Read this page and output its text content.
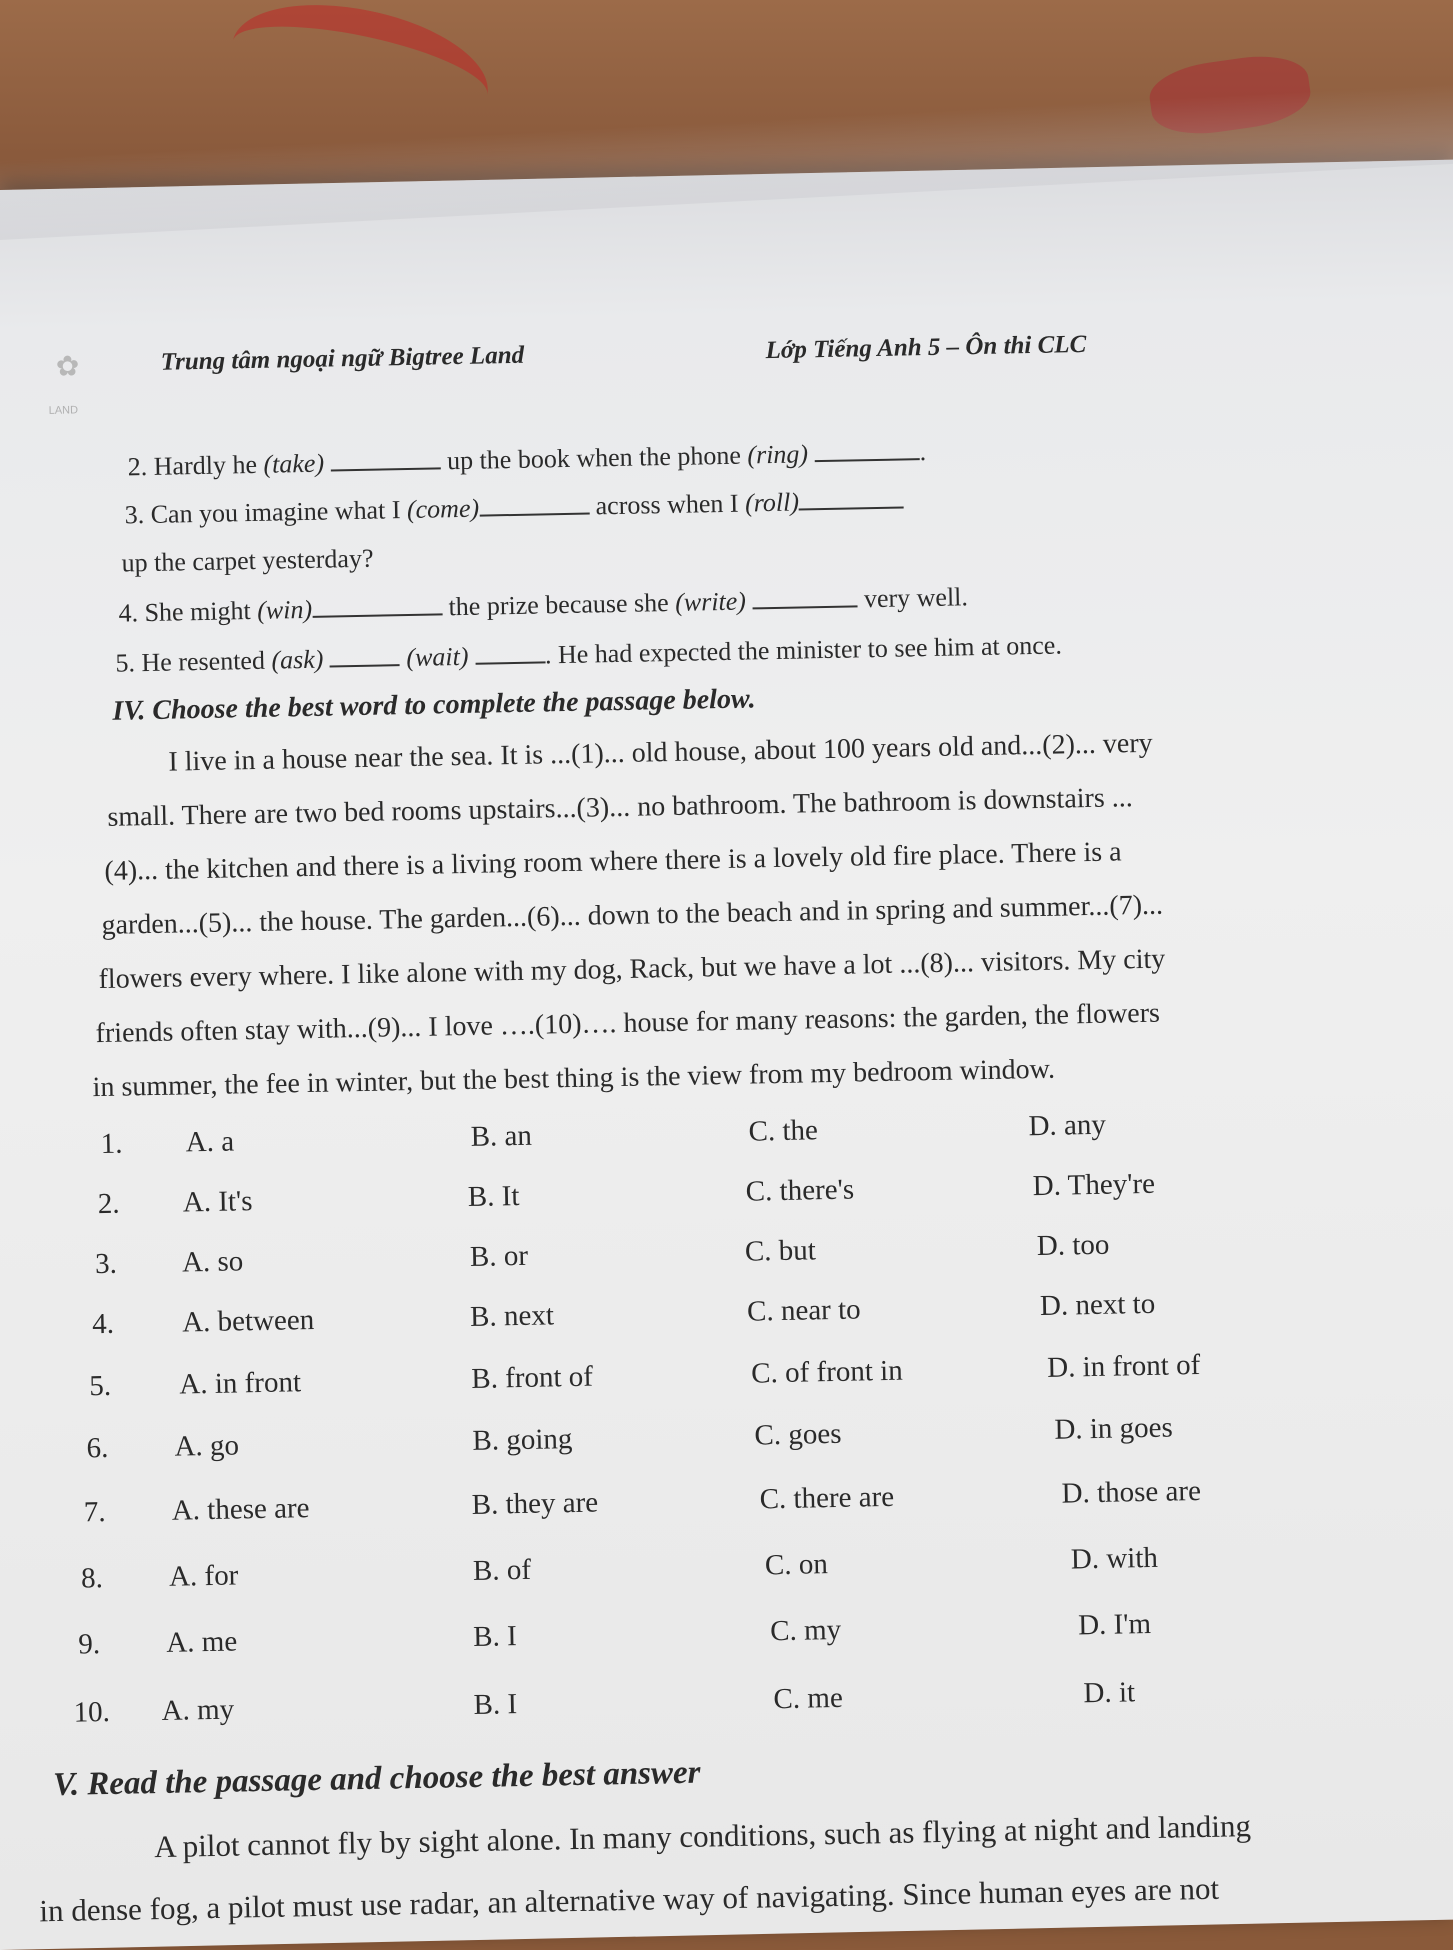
✿
LAND
Trung tâm ngoại ngữ Bigtree Land	Lớp Tiếng Anh 5 – Ôn thi CLC
2. Hardly he (take)	up the book when the phone (ring)	.
3. Can you imagine what I (come)	across when I (roll)
up the carpet yesterday?
4. She might (win)	the prize because she (write)	very well.
5. He resented (ask)	(wait)	. He had expected the minister to see him at once.
IV. Choose the best word to complete the passage below.
I live in a house near the sea. It is ...(1)... old house, about 100 years old and...(2)... very
small. There are two bed rooms upstairs...(3)... no bathroom. The bathroom is downstairs ...
(4)... the kitchen and there is a living room where there is a lovely old fire place. There is a
garden...(5)... the house. The garden...(6)... down to the beach and in spring and summer...(7)...
flowers every where. I like alone with my dog, Rack, but we have a lot ...(8)... visitors. My city
friends often stay with...(9)... I love ….(10)…. house for many reasons: the garden, the flowers
in summer, the fee in winter, but the best thing is the view from my bedroom window.
1. A. a	B. an	C. the	D. any
2. A. It's	B. It	C. there's	D. They're
3. A. so	B. or	C. but	D. too
4. A. between	B. next	C. near to	D. next to
5. A. in front	B. front of	C. of front in	D. in front of
6. A. go	B. going	C. goes	D. in goes
7. A. these are	B. they are	C. there are	D. those are
8. A. for	B. of	C. on	D. with
9. A. me	B. I	C. my	D. I'm
10. A. my	B. I	C. me	D. it
V. Read the passage and choose the best answer
A pilot cannot fly by sight alone. In many conditions, such as flying at night and landing
in dense fog, a pilot must use radar, an alternative way of navigating. Since human eyes are not
